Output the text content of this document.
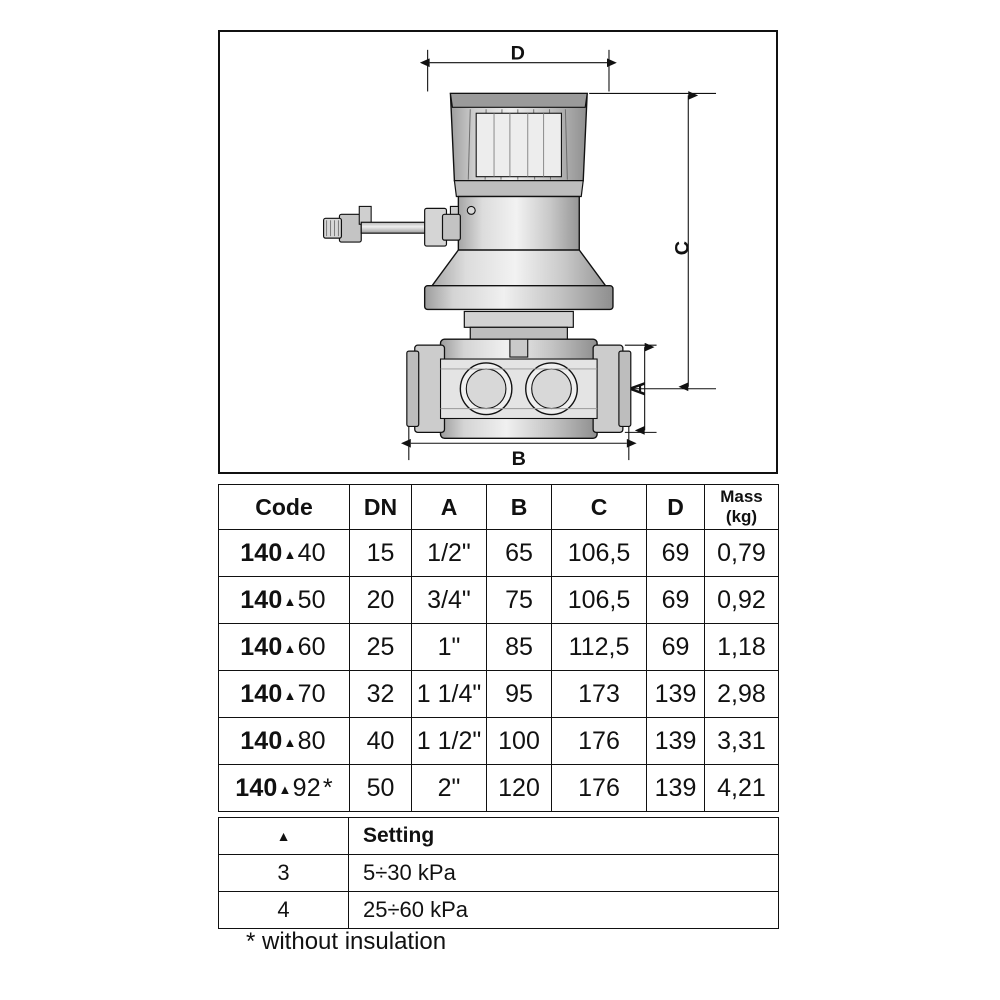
D
C
A
B
Code	DN	A	B	C	D	Mass (kg)
140▲40	15	1/2"	65	106,5	69	0,79
140▲50	20	3/4"	75	106,5	69	0,92
140▲60	25	1"	85	112,5	69	1,18
140▲70	32	1 1/4"	95	173	139	2,98
140▲80	40	1 1/2"	100	176	139	3,31
140▲92*	50	2"	120	176	139	4,21
▲	Setting
3	5÷30 kPa
4	25÷60 kPa
* without insulation
